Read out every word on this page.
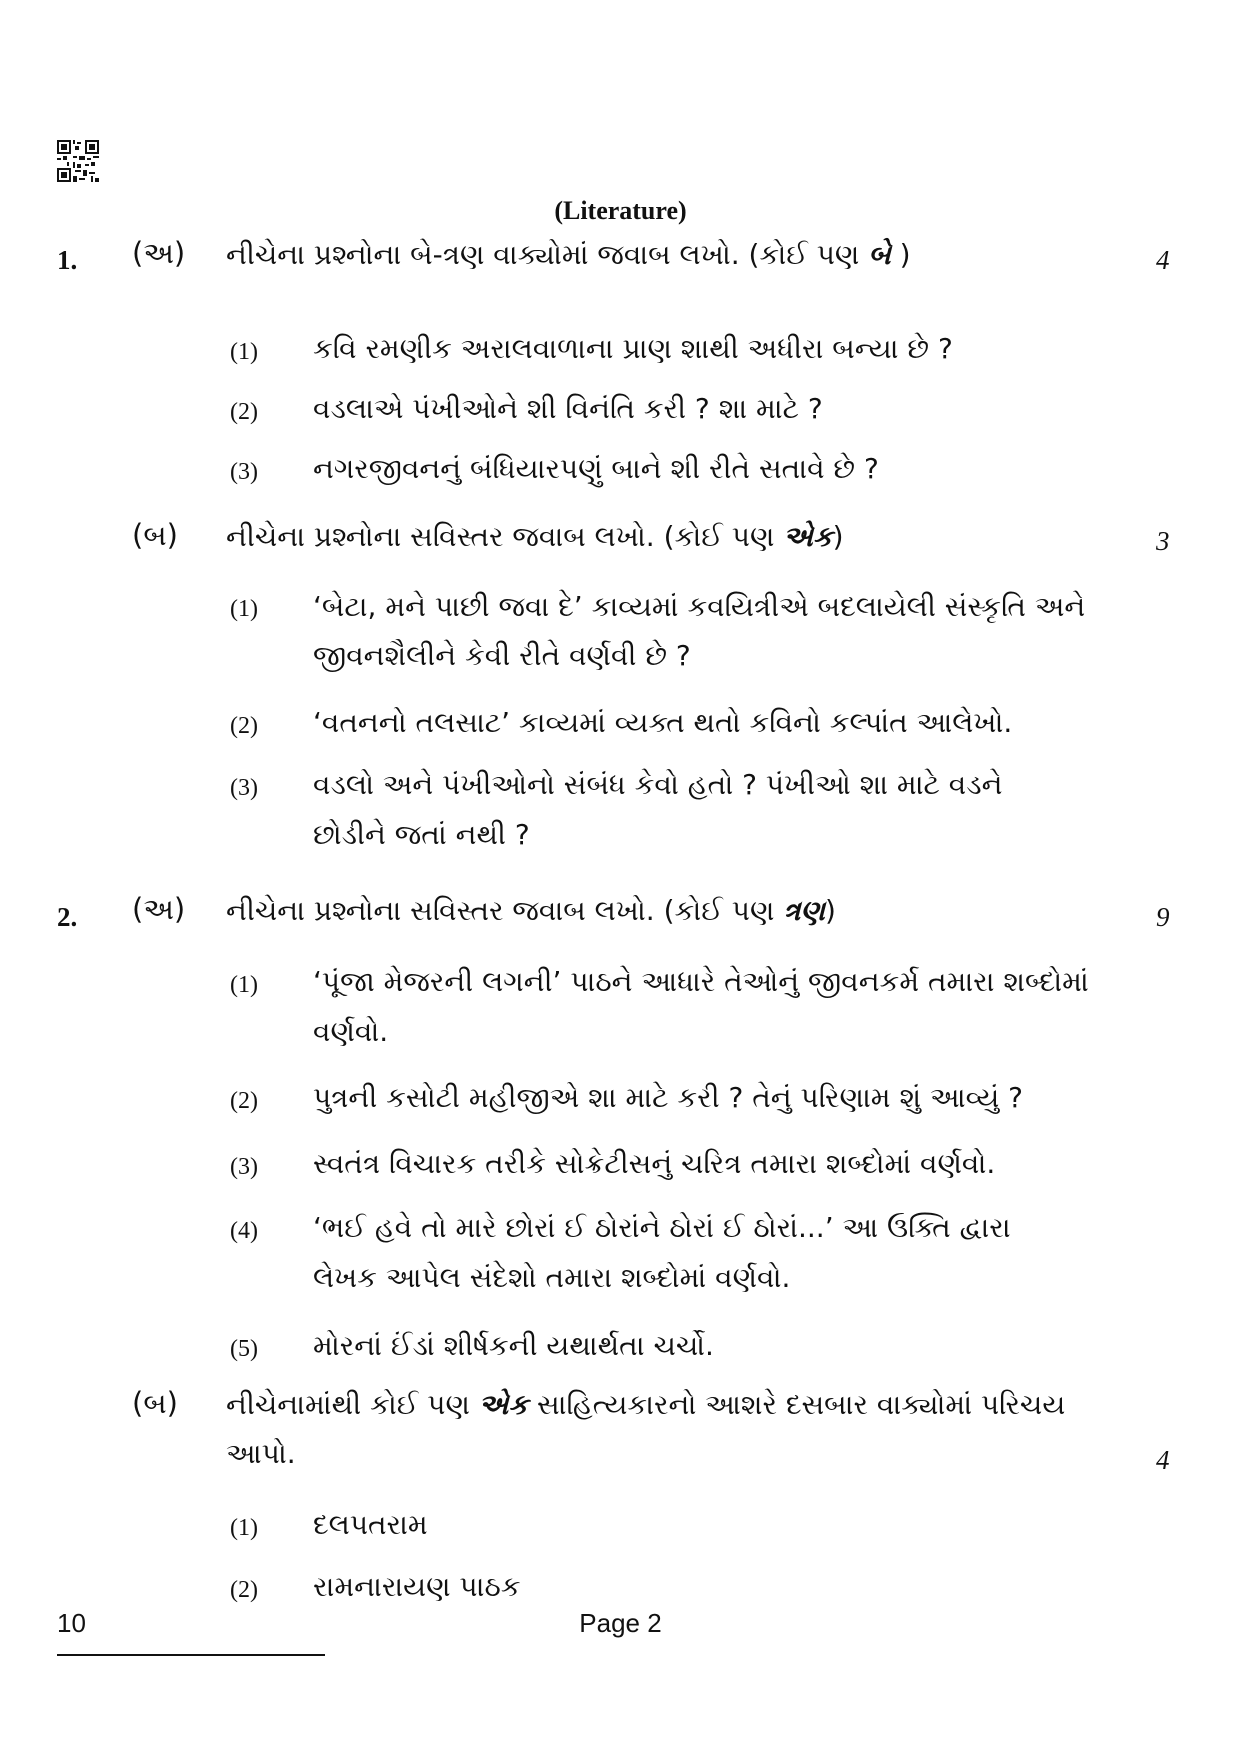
(Literature)
1. (અ) નીચેના પ્રશ્નોના બે-ત્રણ વાક્યોમાં જવાબ લખો. (કોઈ પણ બે )	4
(1) કવિ રમણીક અરાલવાળાના પ્રાણ શાથી અધીરા બન્યા છે ?
(2) વડલાએ પંખીઓને શી વિનંતિ કરી ? શા માટે ?
(3) નગરજીવનનું બંધિયારપણું બાને શી રીતે સતાવે છે ?
(બ) નીચેના પ્રશ્નોના સવિસ્તર જવાબ લખો. (કોઈ પણ એક)	3
(1) ‘બેટા, મને પાછી જવા દે’ કાવ્યમાં કવયિત્રીએ બદલાયેલી સંસ્કૃતિ અને
જીવનશૈલીને કેવી રીતે વર્ણવી છે ?
(2) ‘વતનનો તલસાટ’ કાવ્યમાં વ્યક્ત થતો કવિનો કલ્પાંત આલેખો.
(3) વડલો અને પંખીઓનો સંબંધ કેવો હતો ? પંખીઓ શા માટે વડને
છોડીને જતાં નથી ?
2. (અ) નીચેના પ્રશ્નોના સવિસ્તર જવાબ લખો. (કોઈ પણ ત્રણ)	9
(1) ‘પૂંજા મેજરની લગની’ પાઠને આધારે તેઓનું જીવનકર્મ તમારા શબ્દોમાં
વર્ણવો.
(2) પુત્રની કસોટી મહીજીએ શા માટે કરી ? તેનું પરિણામ શું આવ્યું ?
(3) સ્વતંત્ર વિચારક તરીકે સોક્રેટીસનું ચરિત્ર તમારા શબ્દોમાં વર્ણવો.
(4) ‘ભઈ હવે તો મારે છોરાં ઈ ઠોરાંને ઠોરાં ઈ ઠોરાં...’ આ ઉક્તિ દ્વારા
લેખક આપેલ સંદેશો તમારા શબ્દોમાં વર્ણવો.
(5) મોરનાં ઈંડાં શીર્ષકની યથાર્થતા ચર્ચો.
(બ) નીચેનામાંથી કોઈ પણ એક સાહિત્યકારનો આશરે દસબાર વાક્યોમાં પરિચય
આપો.	4
(1) દલપતરામ
(2) રામનારાયણ પાઠક
10	Page 2
